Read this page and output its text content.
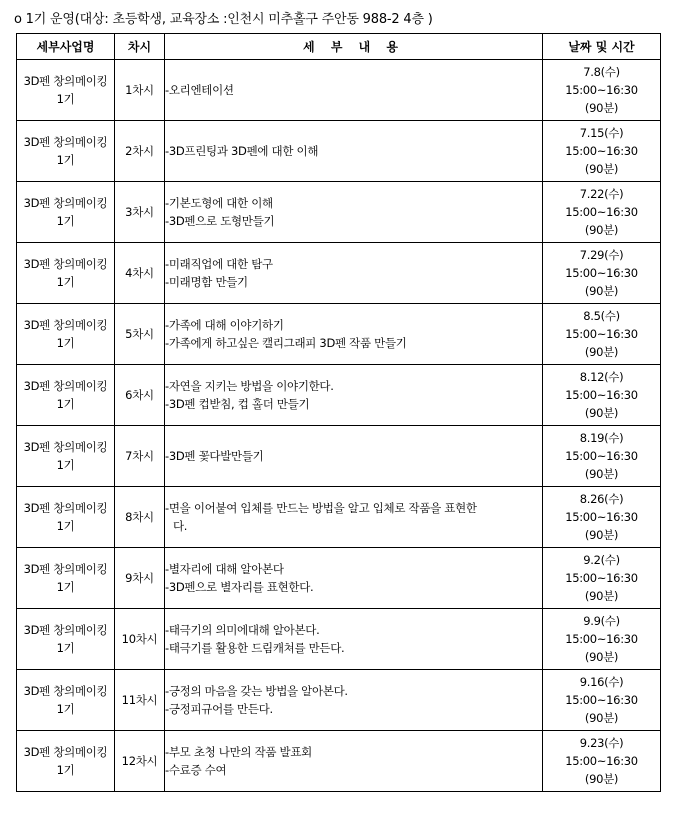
o 1기 운영(대상: 초등학생, 교육장소 :인천시 미추홀구 주안동 988-2 4층 )
세부사업명	차시	세 부 내 용	날짜 및 시간

3D펜 창의메이킹
1기	1차시	-오리엔테이션	7.8(수)
15:00~16:30
(90분)

3D펜 창의메이킹
1기	2차시	-3D프린팅과 3D펜에 대한 이해	7.15(수)
15:00~16:30
(90분)

3D펜 창의메이킹
1기	3차시	-기본도형에 대한 이해
-3D펜으로 도형만들기	7.22(수)
15:00~16:30
(90분)

3D펜 창의메이킹
1기	4차시	-미래직업에 대한 탐구
-미래명함 만들기	7.29(수)
15:00~16:30
(90분)

3D펜 창의메이킹
1기	5차시	-가족에 대해 이야기하기
-가족에게 하고싶은 캘리그래피 3D펜 작품 만들기	8.5(수)
15:00~16:30
(90분)

3D펜 창의메이킹
1기	6차시	-자연을 지키는 방법을 이야기한다.
-3D펜 컵받침, 컵 홀더 만들기	8.12(수)
15:00~16:30
(90분)

3D펜 창의메이킹
1기	7차시	-3D펜 꽃다발만들기	8.19(수)
15:00~16:30
(90분)

3D펜 창의메이킹
1기	8차시	-면을 이어붙여 입체를 만드는 방법을 알고 입체로 작품을 표현한
다.	8.26(수)
15:00~16:30
(90분)

3D펜 창의메이킹
1기	9차시	-별자리에 대해 알아본다
-3D펜으로 별자리를 표현한다.	9.2(수)
15:00~16:30
(90분)

3D펜 창의메이킹
1기	10차시	-태극기의 의미에대해 알아본다.
-태극기를 활용한 드림캐쳐를 만든다.	9.9(수)
15:00~16:30
(90분)

3D펜 창의메이킹
1기	11차시	-긍정의 마음을 갖는 방법을 알아본다.
-긍정피규어를 만든다.	9.16(수)
15:00~16:30
(90분)

3D펜 창의메이킹
1기	12차시	-부모 초청 나만의 작품 발표회
-수료증 수여	9.23(수)
15:00~16:30
(90분)
